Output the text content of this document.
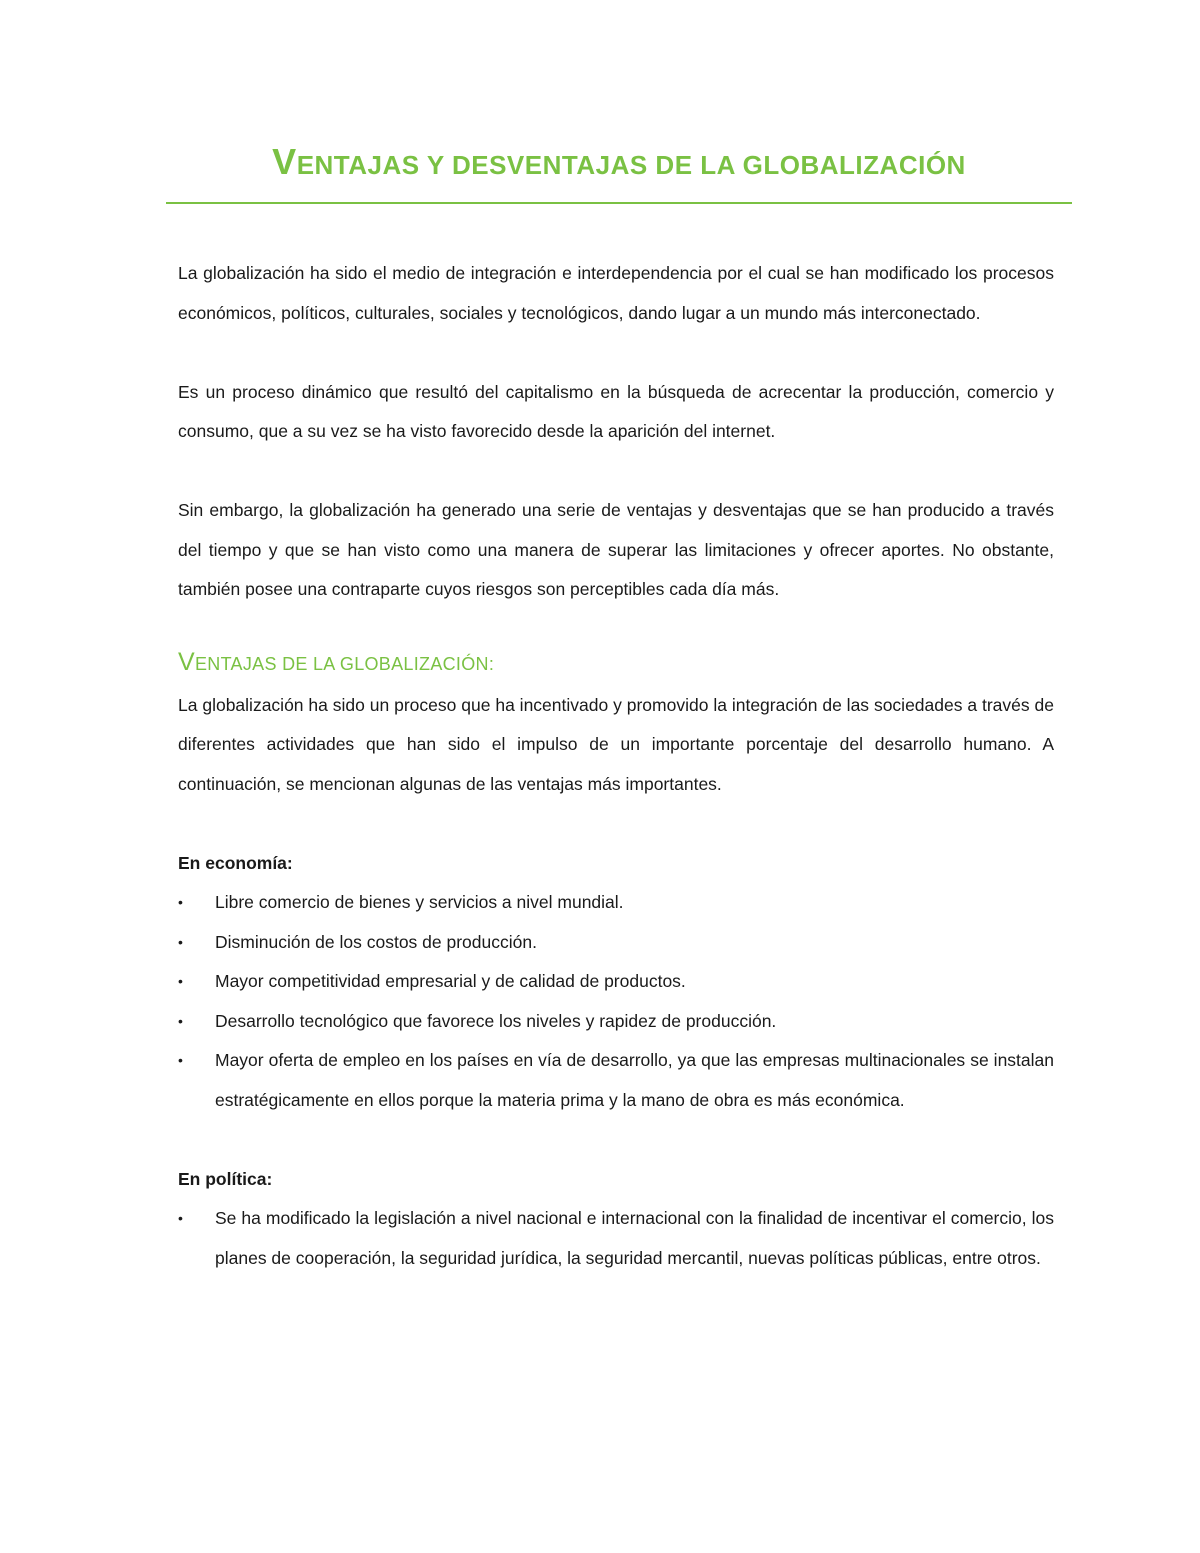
VENTAJAS Y DESVENTAJAS DE LA GLOBALIZACIÓN

La globalización ha sido el medio de integración e interdependencia por el cual se han modificado los procesos económicos, políticos, culturales, sociales y tecnológicos, dando lugar a un mundo más interconectado.

Es un proceso dinámico que resultó del capitalismo en la búsqueda de acrecentar la producción, comercio y consumo, que a su vez se ha visto favorecido desde la aparición del internet.

Sin embargo, la globalización ha generado una serie de ventajas y desventajas que se han producido a través del tiempo y que se han visto como una manera de superar las limitaciones y ofrecer aportes. No obstante, también posee una contraparte cuyos riesgos son perceptibles cada día más.

VENTAJAS DE LA GLOBALIZACIÓN:

La globalización ha sido un proceso que ha incentivado y promovido la integración de las sociedades a través de diferentes actividades que han sido el impulso de un importante porcentaje del desarrollo humano. A continuación, se mencionan algunas de las ventajas más importantes.

En economía:

•	Libre comercio de bienes y servicios a nivel mundial.
•	Disminución de los costos de producción.
•	Mayor competitividad empresarial y de calidad de productos.
•	Desarrollo tecnológico que favorece los niveles y rapidez de producción.
•	Mayor oferta de empleo en los países en vía de desarrollo, ya que las empresas multinacionales se instalan estratégicamente en ellos porque la materia prima y la mano de obra es más económica.

En política:

•	Se ha modificado la legislación a nivel nacional e internacional con la finalidad de incentivar el comercio, los planes de cooperación, la seguridad jurídica, la seguridad mercantil, nuevas políticas públicas, entre otros.
